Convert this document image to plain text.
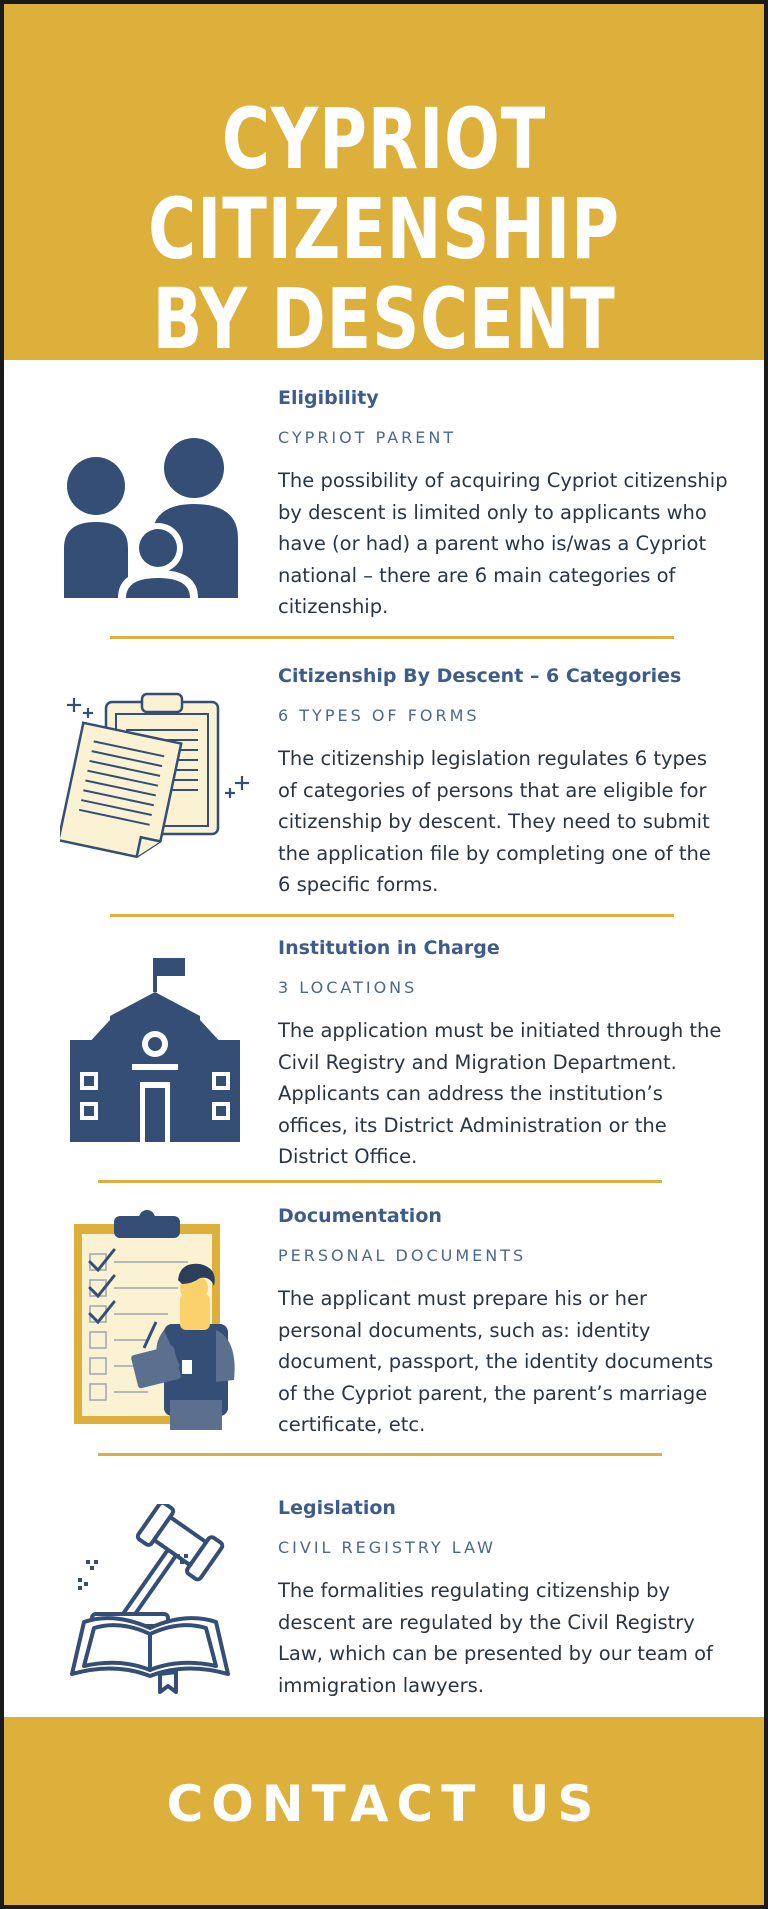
CYPRIOT CITIZENSHIP
BY DESCENT
Eligibility
CYPRIOT PARENT
The possibility of acquiring Cypriot citizenship by descent is limited only to applicants who have (or had) a parent who is/was a Cypriot national – there are 6 main categories of citizenship.
Citizenship By Descent – 6 Categories
6 TYPES OF FORMS
The citizenship legislation regulates 6 types of categories of persons that are eligible for citizenship by descent. They need to submit the application file by completing one of the 6 specific forms.
Institution in Charge
3 LOCATIONS
The application must be initiated through the Civil Registry and Migration Department. Applicants can address the institution’s offices, its District Administration or the District Office.
Documentation
PERSONAL DOCUMENTS
The applicant must prepare his or her personal documents, such as: identity document, passport, the identity documents of the Cypriot parent, the parent’s marriage certificate, etc.
Legislation
CIVIL REGISTRY LAW
The formalities regulating citizenship by descent are regulated by the Civil Registry Law, which can be presented by our team of immigration lawyers.
CONTACT US
